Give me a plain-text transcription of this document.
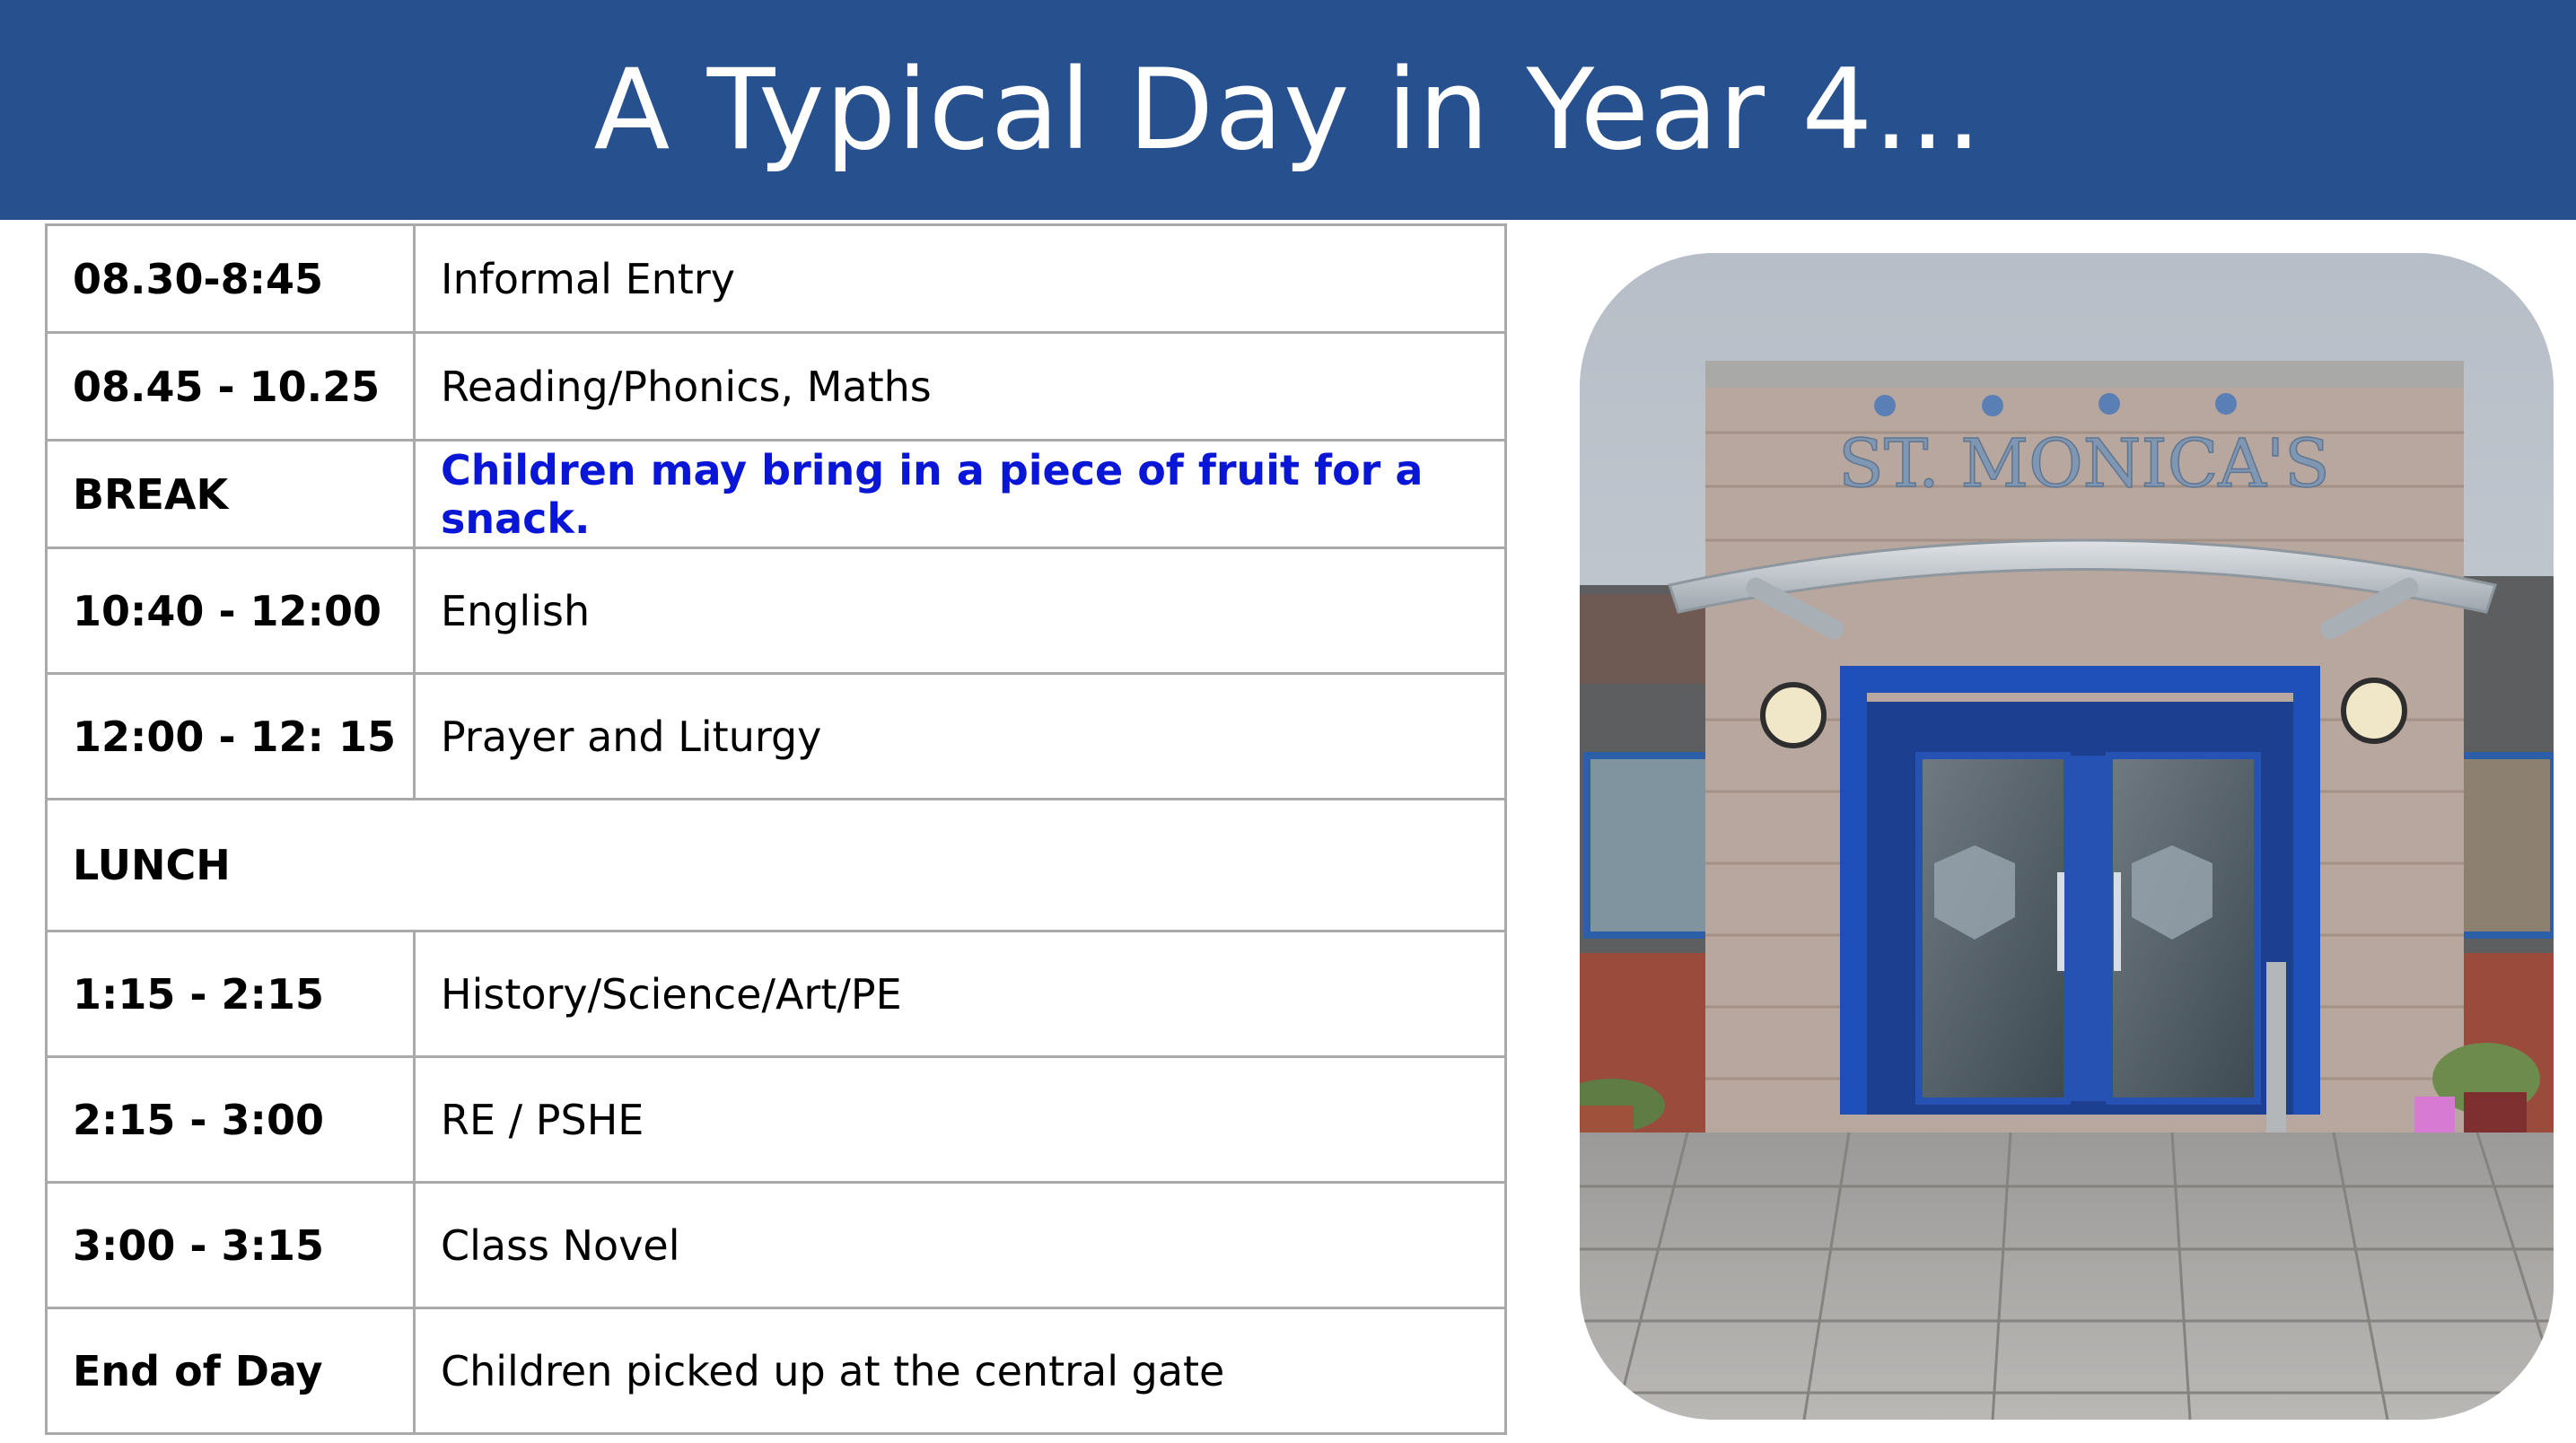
A Typical Day in Year 4...
08.30-8:45	Informal Entry
08.45 - 10.25	Reading/Phonics, Maths
BREAK	Children may bring in a piece of fruit for a snack.
10:40 - 12:00	English
12:00 - 12: 15	Prayer and Liturgy
LUNCH	
1:15 - 2:15	History/Science/Art/PE
2:15 - 3:00	RE / PSHE
3:00 - 3:15	Class Novel
End of Day	Children picked up at the central gate
ST. MONICA'S
